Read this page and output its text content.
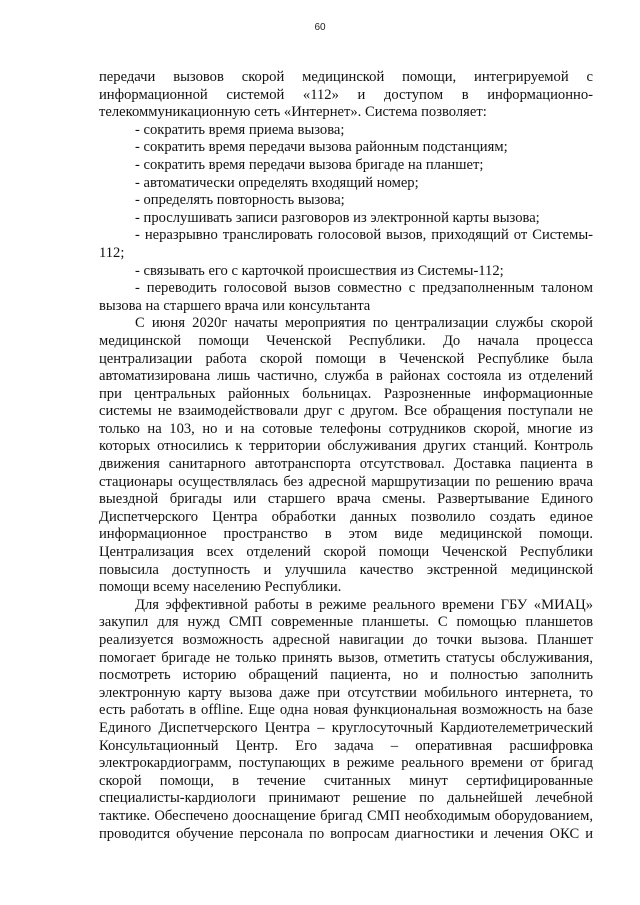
60
передачи вызовов скорой медицинской помощи, интегрируемой с
информационной системой «112» и доступом в информационно-
телекоммуникационную сеть «Интернет». Система позволяет:
- сократить время приема вызова;
- сократить время передачи вызова районным подстанциям;
- сократить время передачи вызова бригаде на планшет;
- автоматически определять входящий номер;
- определять повторность вызова;
- прослушивать записи разговоров из электронной карты вызова;
- неразрывно транслировать голосовой вызов, приходящий от Системы-
112;
- связывать его с карточкой происшествия из Системы-112;
- переводить голосовой вызов совместно с предзаполненным талоном
вызова на старшего врача или консультанта
С июня 2020г начаты мероприятия по централизации службы скорой
медицинской помощи Чеченской Республики. До начала процесса
централизации работа скорой помощи в Чеченской Республике была
автоматизирована лишь частично, служба в районах состояла из отделений
при центральных районных больницах. Разрозненные информационные
системы не взаимодействовали друг с другом. Все обращения поступали не
только на 103, но и на сотовые телефоны сотрудников скорой, многие из
которых относились к территории обслуживания других станций. Контроль
движения санитарного автотранспорта отсутствовал. Доставка пациента в
стационары осуществлялась без адресной маршрутизации по решению врача
выездной бригады или старшего врача смены. Развертывание Единого
Диспетчерского Центра обработки данных позволило создать единое
информационное пространство в этом виде медицинской помощи.
Централизация всех отделений скорой помощи Чеченской Республики
повысила доступность и улучшила качество экстренной медицинской
помощи всему населению Республики.
Для эффективной работы в режиме реального времени ГБУ «МИАЦ»
закупил для нужд СМП современные планшеты. С помощью планшетов
реализуется возможность адресной навигации до точки вызова. Планшет
помогает бригаде не только принять вызов, отметить статусы обслуживания,
посмотреть историю обращений пациента, но и полностью заполнить
электронную карту вызова даже при отсутствии мобильного интернета, то
есть работать в offline. Еще одна новая функциональная возможность на базе
Единого Диспетчерского Центра – круглосуточный Кардиотелеметрический
Консультационный Центр. Его задача – оперативная расшифровка
электрокардиограмм, поступающих в режиме реального времени от бригад
скорой помощи, в течение считанных минут сертифицированные
специалисты-кардиологи принимают решение по дальнейшей лечебной
тактике. Обеспечено дооснащение бригад СМП необходимым оборудованием,
проводится обучение персонала по вопросам диагностики и лечения ОКС и
